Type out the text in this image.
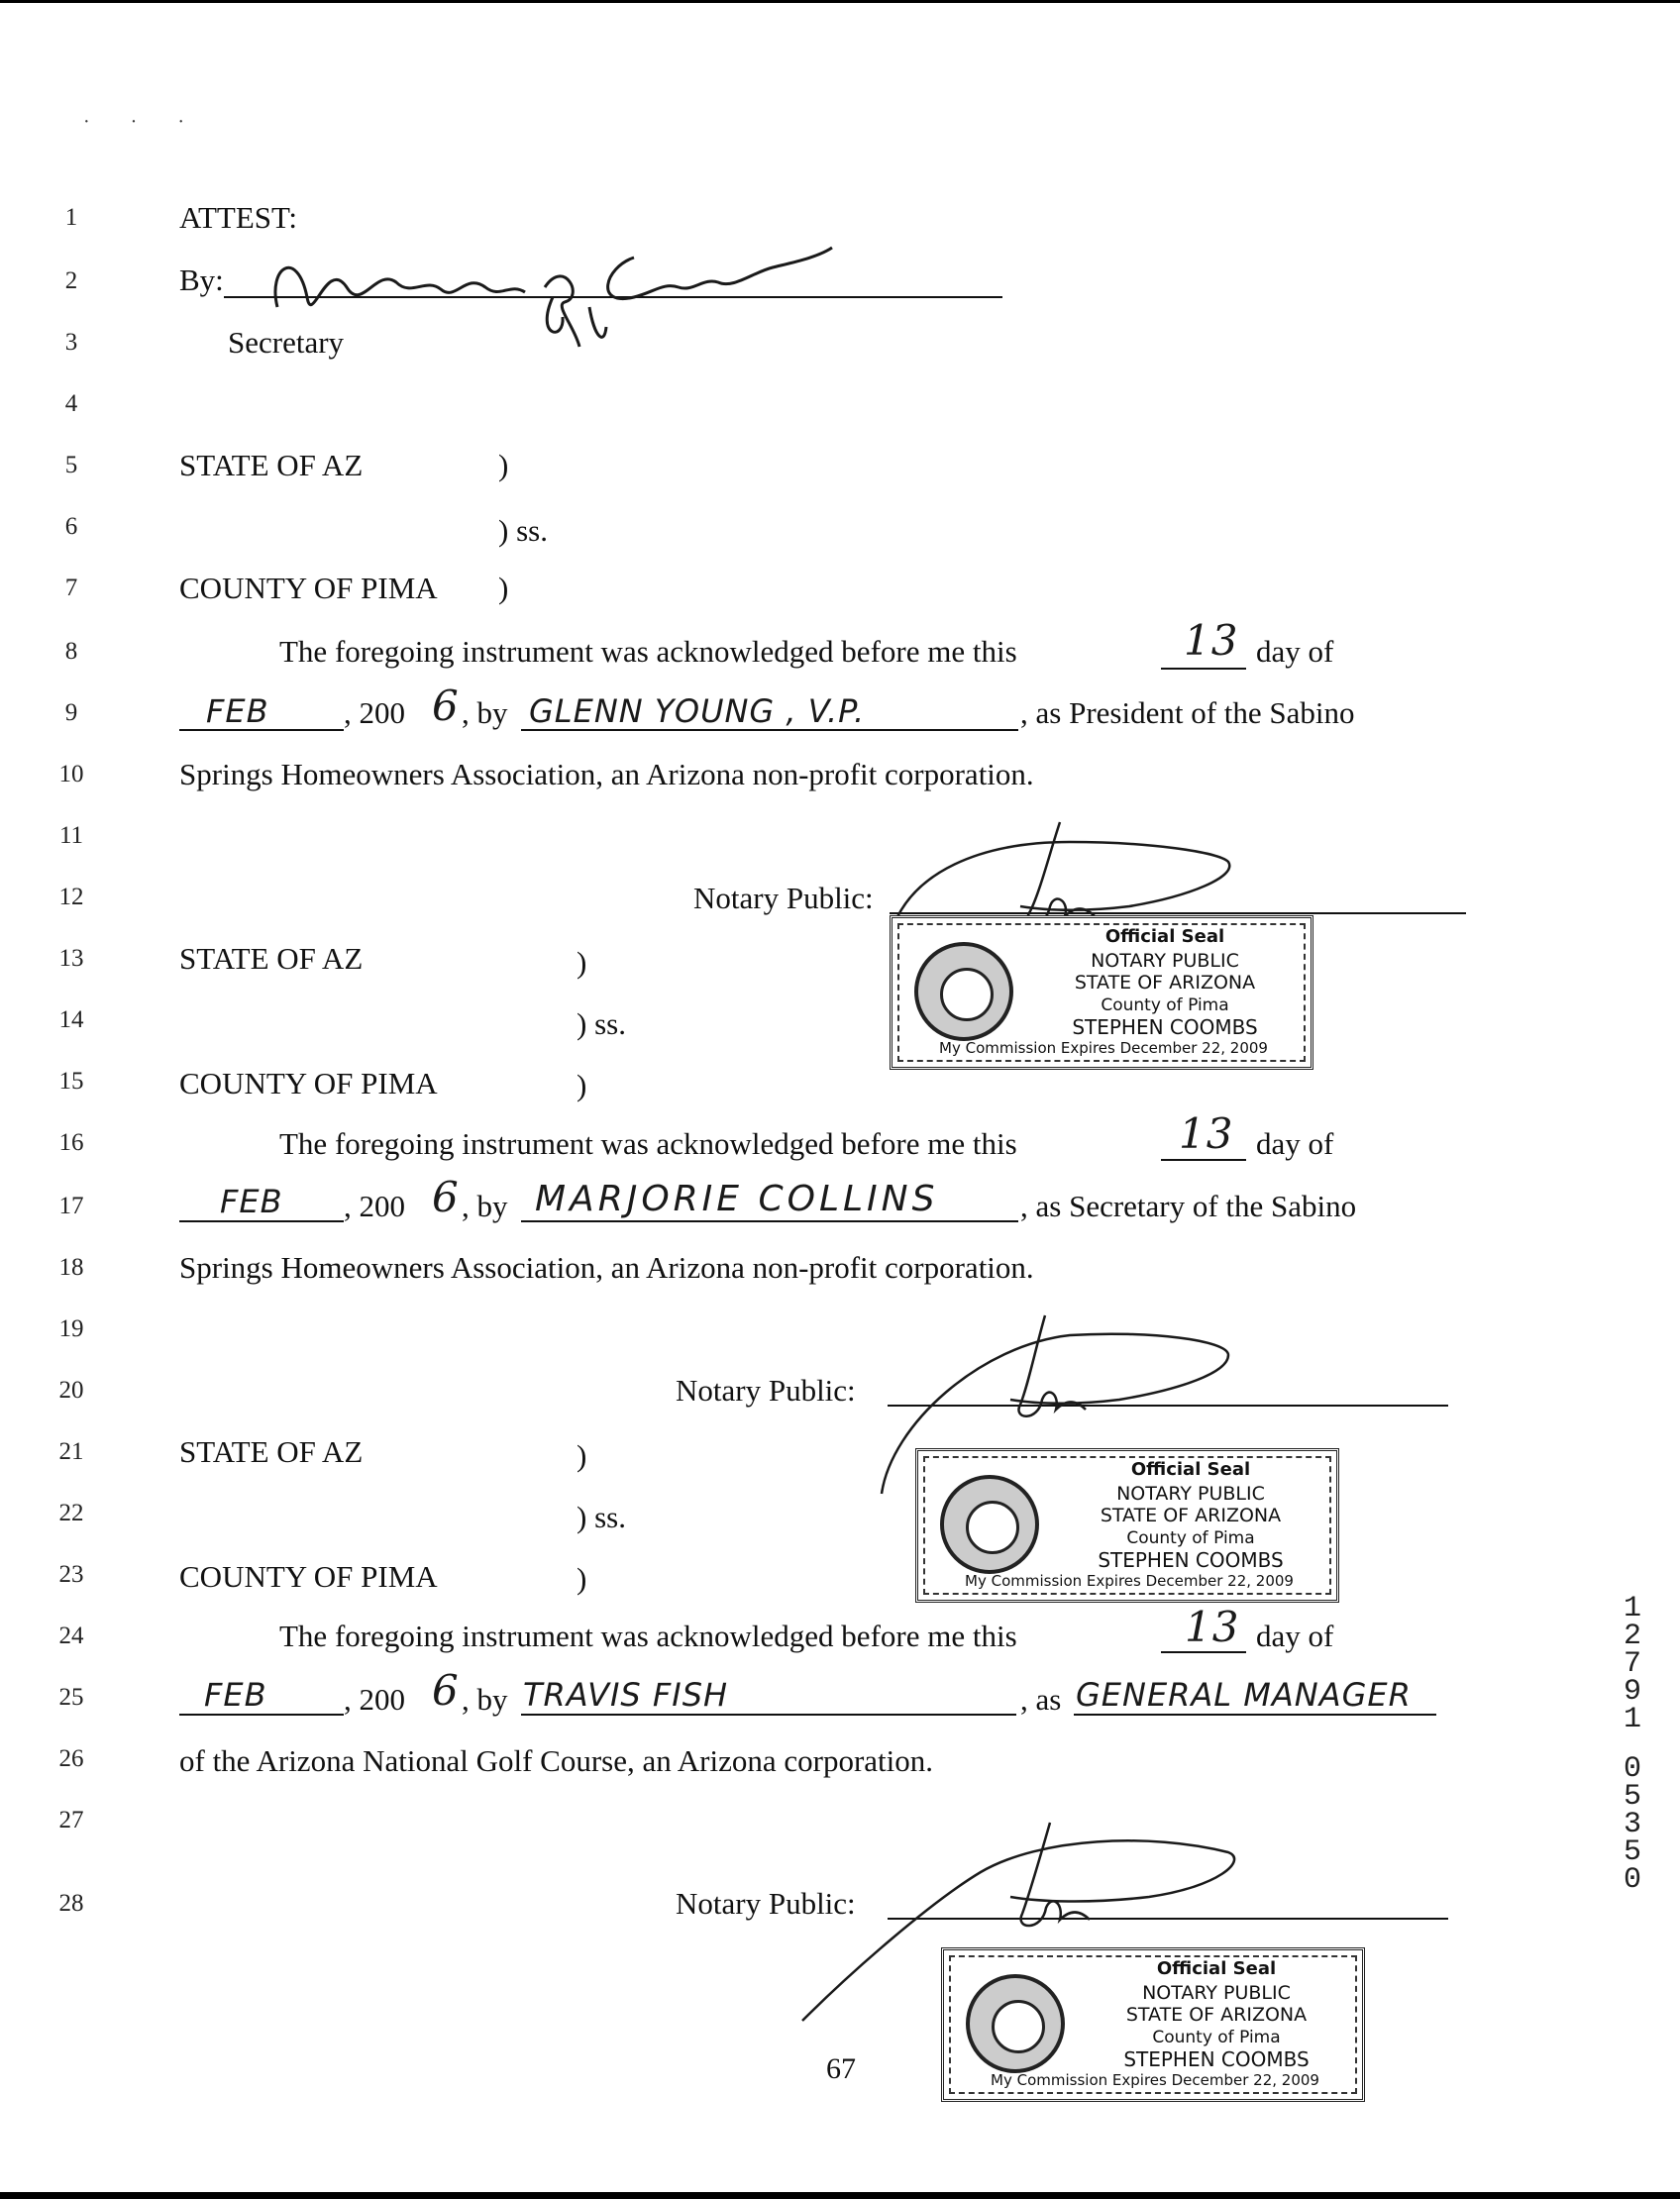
· · ·
1
2
3
4
5
6
7
8
9
10
11
12
13
14
15
16
17
18
19
20
21
22
23
24
25
26
27
28
ATTEST:
By:
Secretary
STATE OF AZ	)
) ss.
COUNTY OF PIMA )
The foregoing instrument was acknowledged before me this	13 day of
FEB , 200 6 , by GLENN YOUNG , V.P.	, as President of the Sabino
Springs Homeowners Association, an Arizona non-profit corporation.
Notary Public:
STATE OF AZ	)
) ss.
COUNTY OF PIMA	)
The foregoing instrument was acknowledged before me this	13 day of
FEB , 200 6 , by MARJORIE COLLINS	, as Secretary of the Sabino
Springs Homeowners Association, an Arizona non-profit corporation.
Notary Public:
STATE OF AZ	)
) ss.
COUNTY OF PIMA	)
The foregoing instrument was acknowledged before me this	13 day of
FEB , 200 6 , by TRAVIS FISH	, as GENERAL MANAGER
of the Arizona National Golf Course, an Arizona corporation.
Notary Public:
Official Seal
NOTARY PUBLIC
STATE OF ARIZONA
County of Pima
STEPHEN COOMBS
My Commission Expires December 22, 2009
Official Seal
NOTARY PUBLIC
STATE OF ARIZONA
County of Pima
STEPHEN COOMBS
My Commission Expires December 22, 2009
Official Seal
NOTARY PUBLIC
STATE OF ARIZONA
County of Pima
STEPHEN COOMBS
My Commission Expires December 22, 2009
67
1
2
7
9
1
0
5
3
5
0
